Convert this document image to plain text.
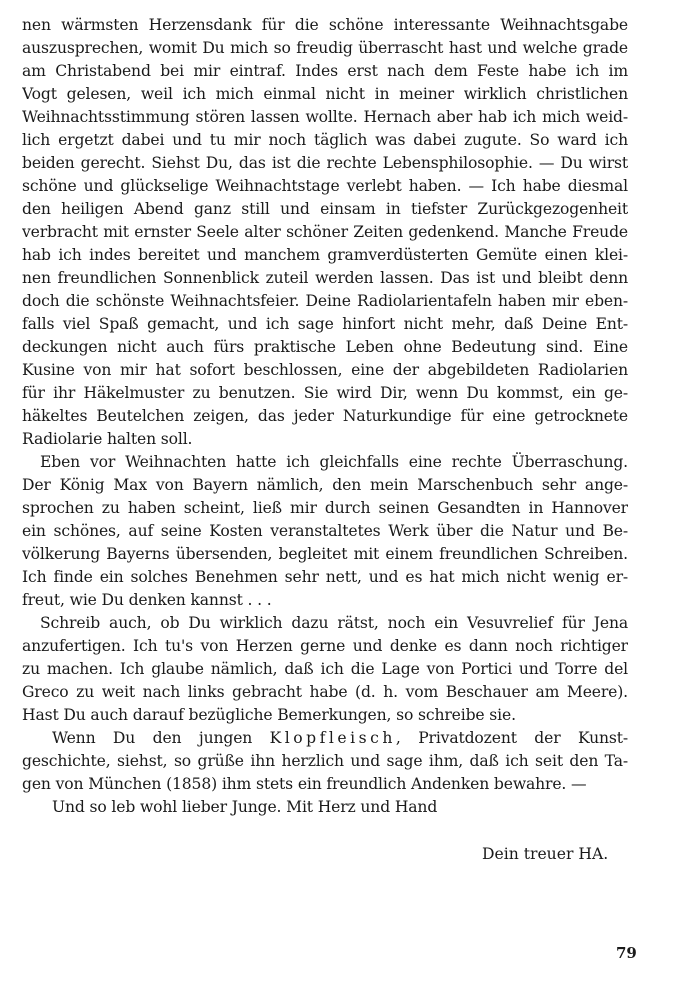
nen wärmsten Herzensdank für die schöne interessante Weihnachtsgabe
auszusprechen, womit Du mich so freudig überrascht hast und welche grade
am Christabend bei mir eintraf. Indes erst nach dem Feste habe ich im
Vogt gelesen, weil ich mich einmal nicht in meiner wirklich christlichen
Weihnachtsstimmung stören lassen wollte. Hernach aber hab ich mich weid-
lich ergetzt dabei und tu mir noch täglich was dabei zugute. So ward ich
beiden gerecht. Siehst Du, das ist die rechte Lebensphilosophie. — Du wirst
schöne und glückselige Weihnachtstage verlebt haben. — Ich habe diesmal
den heiligen Abend ganz still und einsam in tiefster Zurückgezogenheit
verbracht mit ernster Seele alter schöner Zeiten gedenkend. Manche Freude
hab ich indes bereitet und manchem gramverdüsterten Gemüte einen klei-
nen freundlichen Sonnenblick zuteil werden lassen. Das ist und bleibt denn
doch die schönste Weihnachtsfeier. Deine Radiolarientafeln haben mir eben-
falls viel Spaß gemacht, und ich sage hinfort nicht mehr, daß Deine Ent-
deckungen nicht auch fürs praktische Leben ohne Bedeutung sind. Eine
Kusine von mir hat sofort beschlossen, eine der abgebildeten Radiolarien
für ihr Häkelmuster zu benutzen. Sie wird Dir, wenn Du kommst, ein ge-
häkeltes Beutelchen zeigen, das jeder Naturkundige für eine getrocknete
Radiolarie halten soll.

Eben vor Weihnachten hatte ich gleichfalls eine rechte Überraschung.
Der König Max von Bayern nämlich, den mein Marschenbuch sehr ange-
sprochen zu haben scheint, ließ mir durch seinen Gesandten in Hannover
ein schönes, auf seine Kosten veranstaltetes Werk über die Natur und Be-
völkerung Bayerns übersenden, begleitet mit einem freundlichen Schreiben.
Ich finde ein solches Benehmen sehr nett, und es hat mich nicht wenig er-
freut, wie Du denken kannst . . .

Schreib auch, ob Du wirklich dazu rätst, noch ein Vesuvrelief für Jena
anzufertigen. Ich tu's von Herzen gerne und denke es dann noch richtiger
zu machen. Ich glaube nämlich, daß ich die Lage von Portici und Torre del
Greco zu weit nach links gebracht habe (d. h. vom Beschauer am Meere).
Hast Du auch darauf bezügliche Bemerkungen, so schreibe sie.

Wenn Du den jungen Klopfleisch, Privatdozent der Kunst-
geschichte, siehst, so grüße ihn herzlich und sage ihm, daß ich seit den Ta-
gen von München (1858) ihm stets ein freundlich Andenken bewahre. —

Und so leb wohl lieber Junge. Mit Herz und Hand

Dein treuer HA.
79
